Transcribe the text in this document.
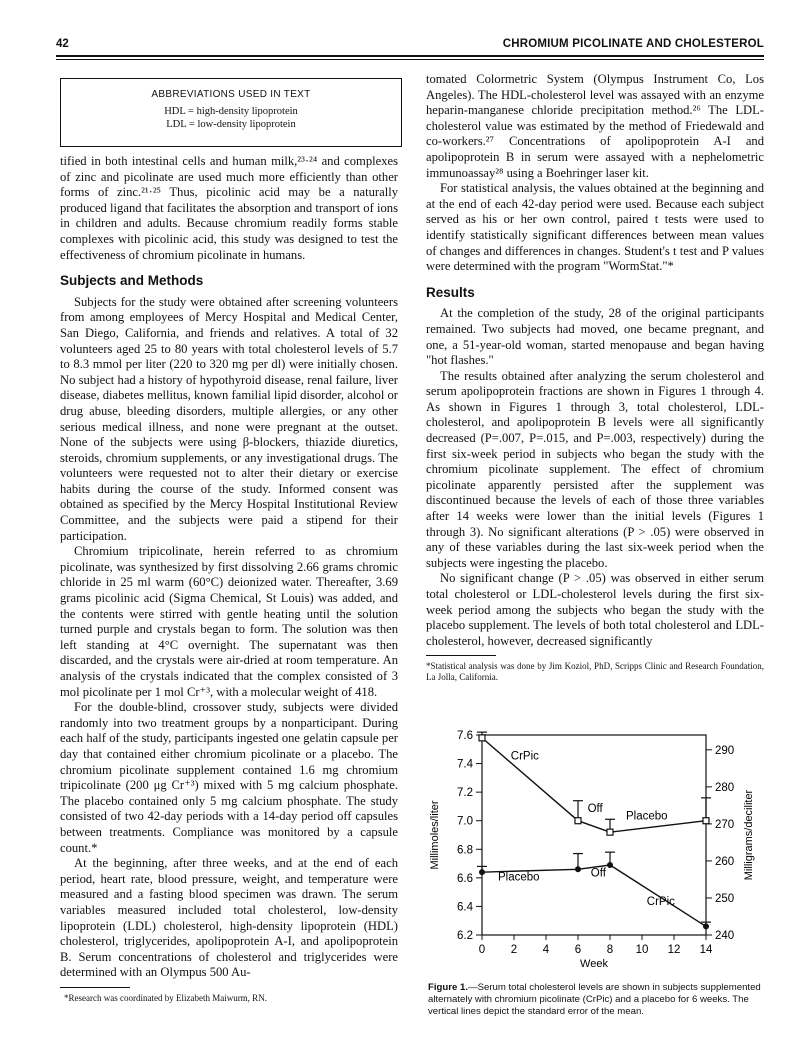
42	CHROMIUM PICOLINATE AND CHOLESTEROL
ABBREVIATIONS USED IN TEXT
HDL = high-density lipoprotein
LDL = low-density lipoprotein

tified in both intestinal cells and human milk,²³·²⁴ and complexes of zinc and picolinate are used much more efficiently than other forms of zinc.²¹·²⁵ Thus, picolinic acid may be a naturally produced ligand that facilitates the absorption and transport of ions in children and adults. Because chromium readily forms stable complexes with picolinic acid, this study was designed to test the effectiveness of chromium picolinate in humans.

Subjects and Methods

Subjects for the study were obtained after screening volunteers from among employees of Mercy Hospital and Medical Center, San Diego, California, and friends and relatives. A total of 32 volunteers aged 25 to 80 years with total cholesterol levels of 5.7 to 8.3 mmol per liter (220 to 320 mg per dl) were initially chosen. No subject had a history of hypothyroid disease, renal failure, liver disease, diabetes mellitus, known familial lipid disorder, alcohol or drug abuse, bleeding disorders, multiple allergies, or any other serious medical illness, and none were pregnant at the outset. None of the subjects were using β-blockers, thiazide diuretics, steroids, chromium supplements, or any investigational drugs. The volunteers were requested not to alter their dietary or exercise habits during the course of the study. Informed consent was obtained as specified by the Mercy Hospital Institutional Review Committee, and the subjects were paid a stipend for their participation.

Chromium tripicolinate, herein referred to as chromium picolinate, was synthesized by first dissolving 2.66 grams chromic chloride in 25 ml warm (60°C) deionized water. Thereafter, 3.69 grams picolinic acid (Sigma Chemical, St Louis) was added, and the contents were stirred with gentle heating until the solution turned purple and crystals began to form. The solution was then left standing at 4°C overnight. The supernatant was then discarded, and the crystals were air-dried at room temperature. An analysis of the crystals indicated that the complex consisted of 3 mol picolinate per 1 mol Cr⁺³, with a molecular weight of 418.

For the double-blind, crossover study, subjects were divided randomly into two treatment groups by a nonparticipant. During each half of the study, participants ingested one gelatin capsule per day that contained either chromium picolinate or a placebo. The chromium picolinate supplement contained 1.6 mg chromium tripicolinate (200 μg Cr⁺³) mixed with 5 mg calcium phosphate. The placebo contained only 5 mg calcium phosphate. The study consisted of two 42-day periods with a 14-day period off capsules between treatments. Compliance was monitored by a capsule count.*

At the beginning, after three weeks, and at the end of each period, heart rate, blood pressure, weight, and temperature were measured and a fasting blood specimen was drawn. The serum variables measured included total cholesterol, low-density lipoprotein (LDL) cholesterol, high-density lipoprotein (HDL) cholesterol, triglycerides, apolipoprotein A-I, and apolipoprotein B. Serum concentrations of cholesterol and triglycerides were determined with an Olympus 500 Au-

*Research was coordinated by Elizabeth Maiwurm, RN.

tomated Colormetric System (Olympus Instrument Co, Los Angeles). The HDL-cholesterol level was assayed with an enzyme heparin-manganese chloride precipitation method.²⁶ The LDL-cholesterol value was estimated by the method of Friedewald and co-workers.²⁷ Concentrations of apolipoprotein A-I and apolipoprotein B in serum were assayed with a nephelometric immunoassay²⁸ using a Boehringer laser kit.

For statistical analysis, the values obtained at the beginning and at the end of each 42-day period were used. Because each subject served as his or her own control, paired t tests were used to identify statistically significant differences between mean values of changes and differences in changes. Student's t test and P values were determined with the program "WormStat."*

Results

At the completion of the study, 28 of the original participants remained. Two subjects had moved, one became pregnant, and one, a 51-year-old woman, started menopause and began having "hot flashes."

The results obtained after analyzing the serum cholesterol and serum apolipoprotein fractions are shown in Figures 1 through 4. As shown in Figures 1 through 3, total cholesterol, LDL-cholesterol, and apolipoprotein B levels were all significantly decreased (P=.007, P=.015, and P=.003, respectively) during the first six-week period in subjects who began the study with the chromium picolinate supplement. The effect of chromium picolinate apparently persisted after the supplement was discontinued because the levels of each of those three variables after 14 weeks were lower than the initial levels (Figures 1 through 3). No significant alterations (P > .05) were observed in any of these variables during the last six-week period when the subjects were ingesting the placebo.

No significant change (P > .05) was observed in either serum total cholesterol or LDL-cholesterol levels during the first six-week period among the subjects who began the study with the placebo supplement. The levels of both total cholesterol and LDL-cholesterol, however, decreased significantly

*Statistical analysis was done by Jim Koziol, PhD, Scripps Clinic and Research Foundation, La Jolla, California.
6.2
6.4
6.6
6.8
7.0
7.2
7.4
7.6
240
250
260
270
280
290
0 2 4 6 8 10 12 14
Week
Millimoles/liter	Milligrams/deciliter
CrPic
Off
Placebo
Placebo	Off
CrPic
Figure 1.—Serum total cholesterol levels are shown in subjects supplemented alternately with chromium picolinate (CrPic) and a placebo for 6 weeks. The vertical lines depict the standard error of the mean.
